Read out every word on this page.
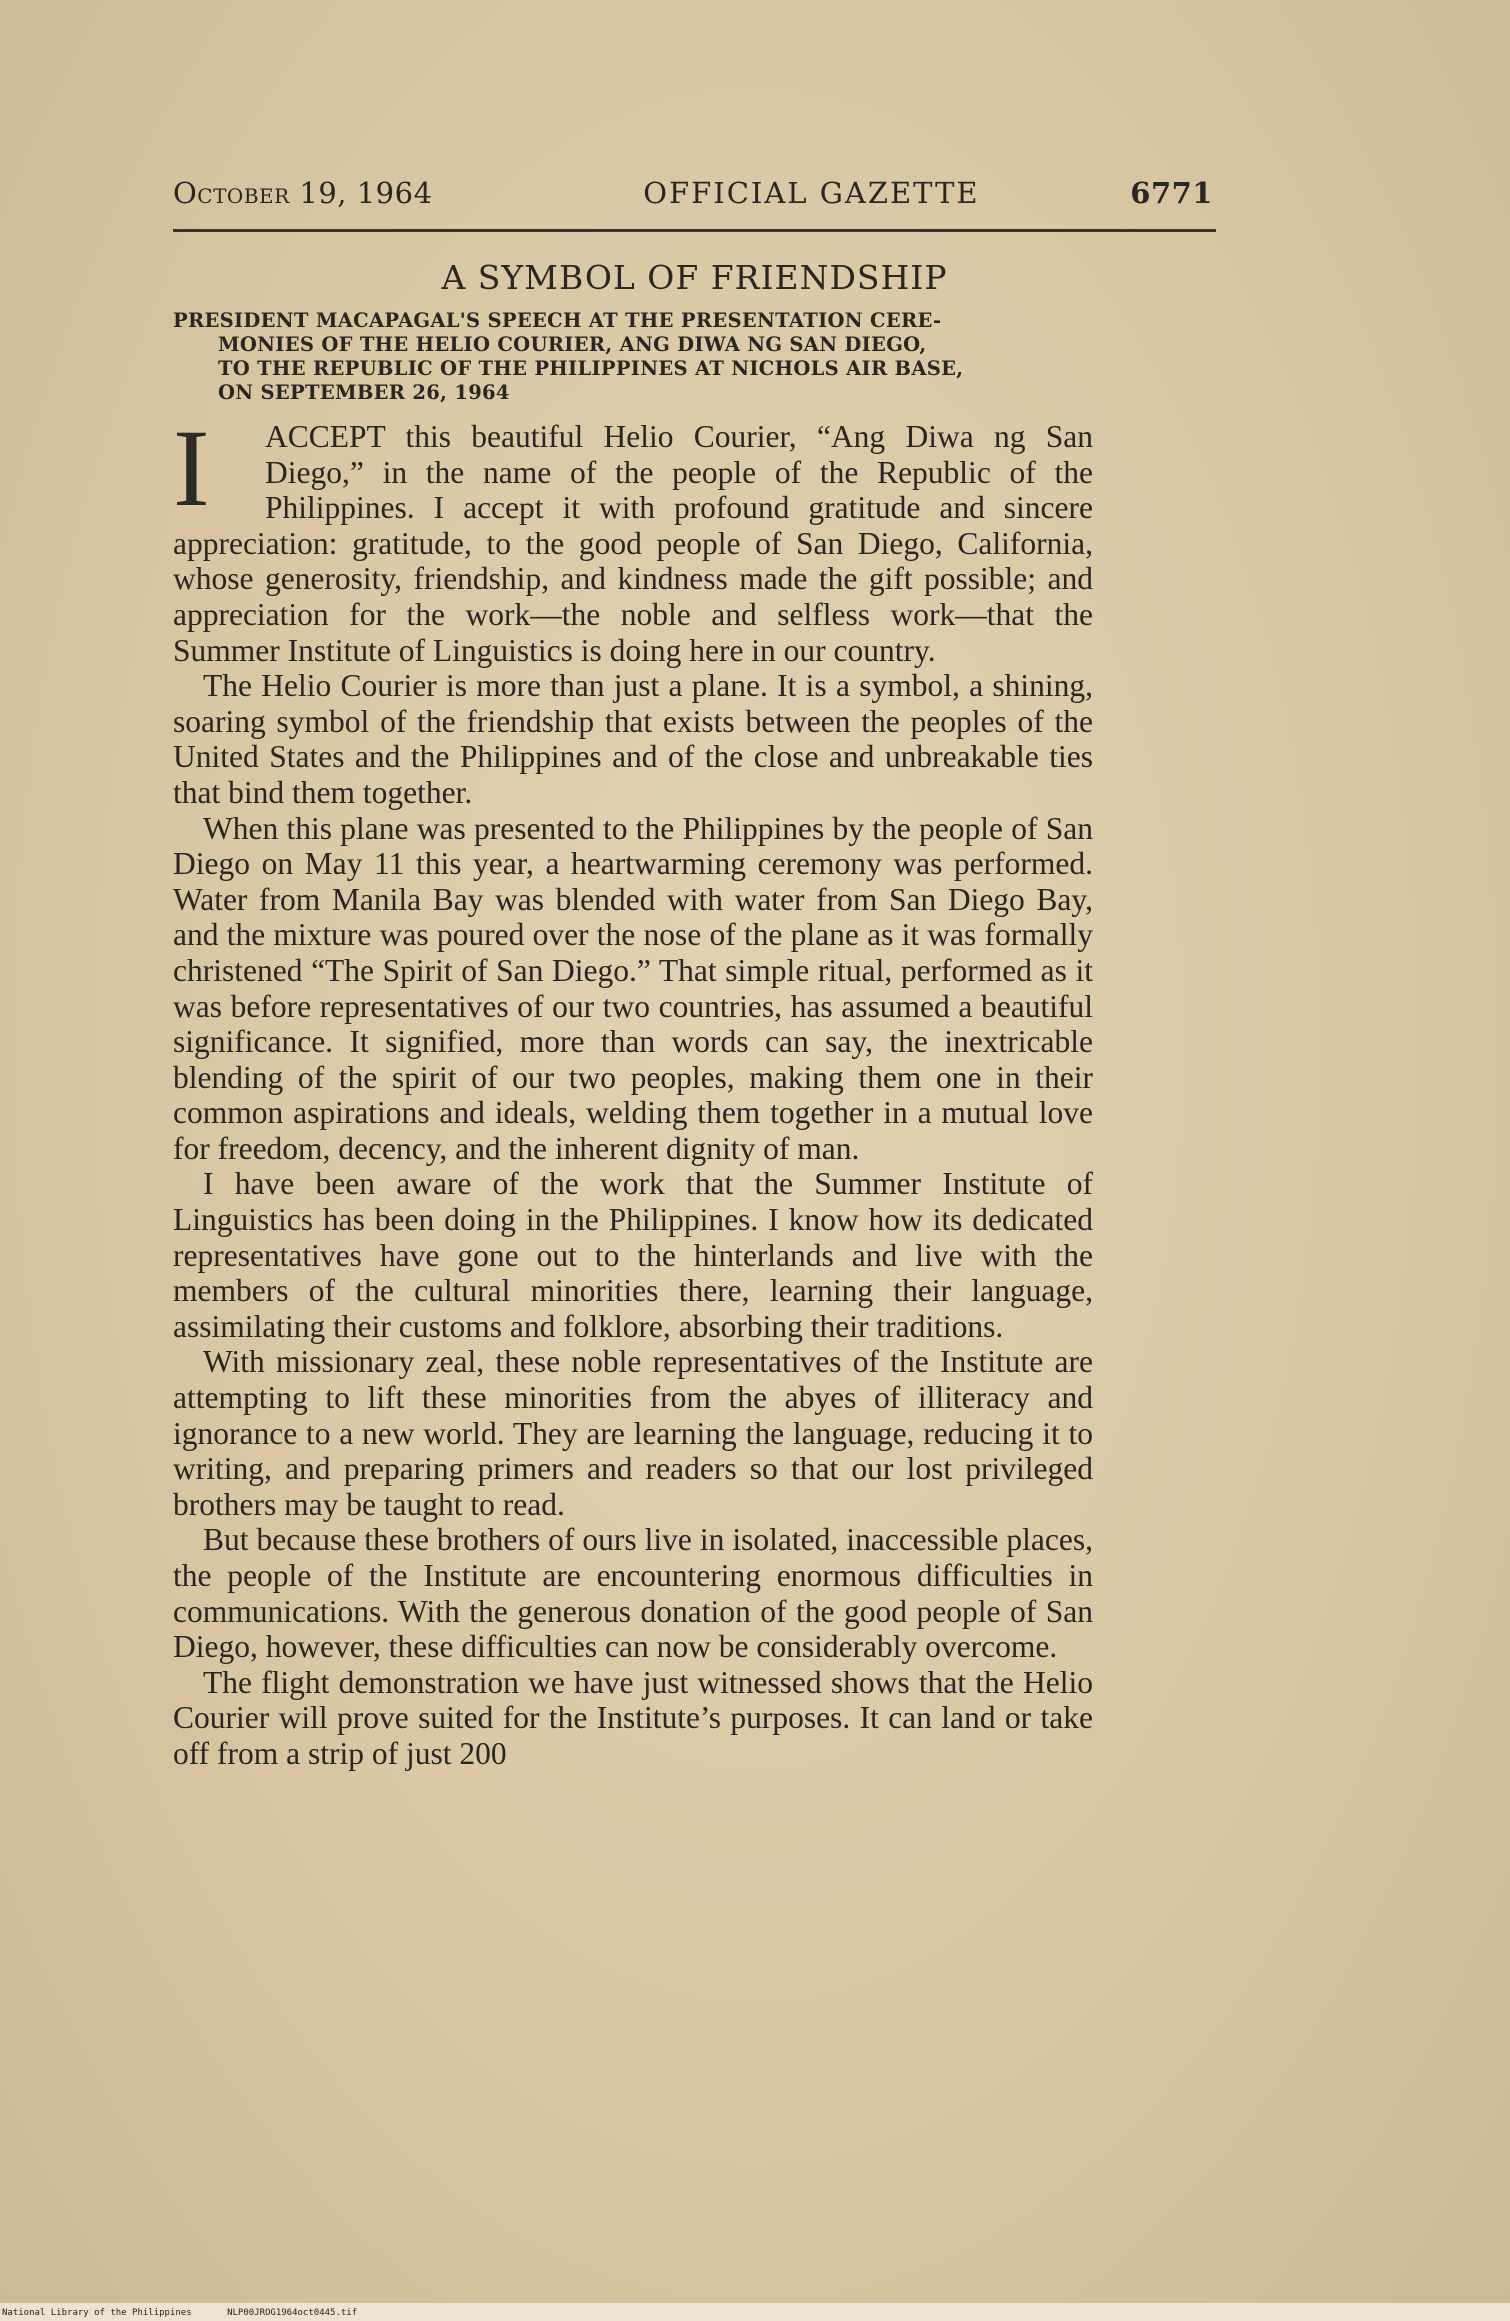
October 19, 1964	OFFICIAL GAZETTE	6771
A SYMBOL OF FRIENDSHIP
PRESIDENT MACAPAGAL'S SPEECH AT THE PRESENTATION CERE-
MONIES OF THE HELIO COURIER, ANG DIWA NG SAN DIEGO,
TO THE REPUBLIC OF THE PHILIPPINES AT NICHOLS AIR BASE,
ON SEPTEMBER 26, 1964

I	ACCEPT this beautiful Helio Courier, “Ang Diwa ng San Diego,” in the name of the people of the Republic of the Philippines. I accept it with profound gratitude and sincere appreciation: gratitude, to the good people of San Diego, California, whose generosity, friendship, and kindness made the gift possible; and appreciation for the work—the noble and selfless work—that the Summer Institute of Linguistics is doing here in our country.

The Helio Courier is more than just a plane. It is a symbol, a shining, soaring symbol of the friendship that exists between the peoples of the United States and the Philippines and of the close and unbreakable ties that bind them together.

When this plane was presented to the Philippines by the people of San Diego on May 11 this year, a heartwarming ceremony was performed. Water from Manila Bay was blended with water from San Diego Bay, and the mixture was poured over the nose of the plane as it was formally christened “The Spirit of San Diego.” That simple ritual, performed as it was before representatives of our two countries, has assumed a beautiful significance. It signified, more than words can say, the inextricable blending of the spirit of our two peoples, making them one in their common aspirations and ideals, welding them together in a mutual love for freedom, decency, and the inherent dignity of man.

I have been aware of the work that the Summer Institute of Linguistics has been doing in the Philippines. I know how its dedicated representatives have gone out to the hinterlands and live with the members of the cultural minorities there, learning their language, assimilating their customs and folklore, absorbing their traditions.

With missionary zeal, these noble representatives of the Institute are attempting to lift these minorities from the abyes of illiteracy and ignorance to a new world. They are learning the language, reducing it to writing, and preparing primers and readers so that our lost privileged brothers may be taught to read.

But because these brothers of ours live in isolated, inaccessible places, the people of the Institute are encountering enormous difficulties in communications. With the generous donation of the good people of San Diego, however, these difficulties can now be considerably overcome.

The flight demonstration we have just witnessed shows that the Helio Courier will prove suited for the Institute’s purposes. It can land or take off from a strip of just 200

National Library of the Philippines	NLP00JROG1964oct0445.tif
